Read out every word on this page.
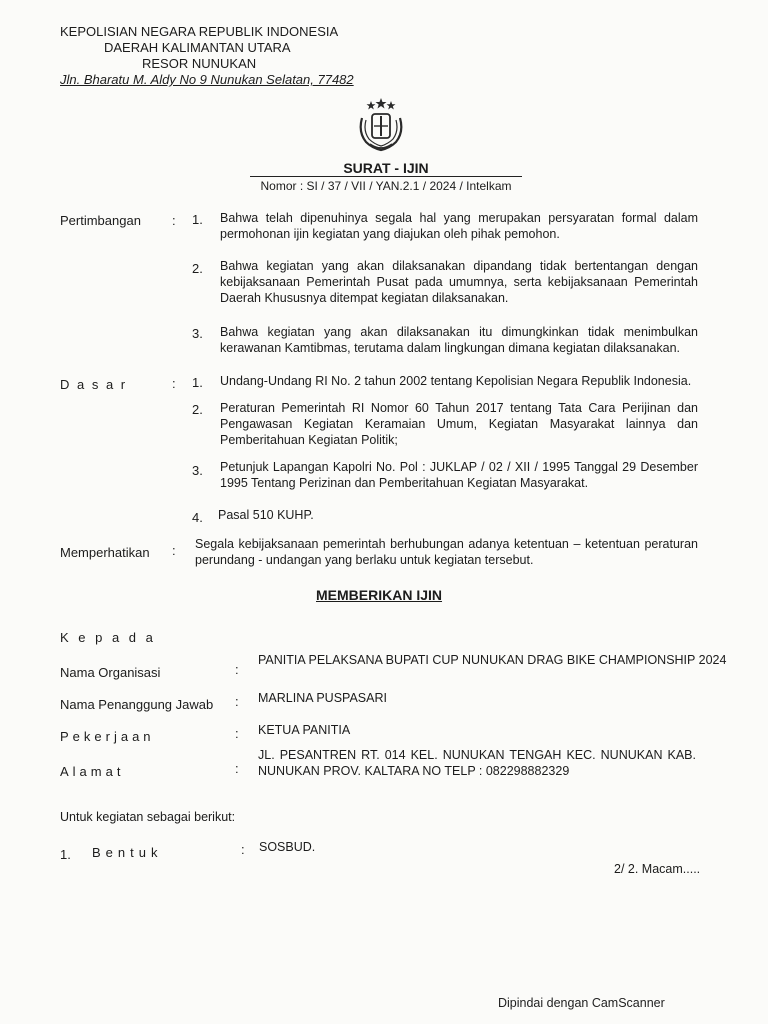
KEPOLISIAN NEGARA REPUBLIK INDONESIA
DAERAH KALIMANTAN UTARA
RESOR NUNUKAN
Jln. Bharatu M. Aldy No 9 Nunukan Selatan, 77482
SURAT - IJIN
Nomor : SI / 37 / VII / YAN.2.1 / 2024 / Intelkam
Pertimbangan : 1. Bahwa telah dipenuhinya segala hal yang merupakan persyaratan formal dalam permohonan ijin kegiatan yang diajukan oleh pihak pemohon.
2. Bahwa kegiatan yang akan dilaksanakan dipandang tidak bertentangan dengan kebijaksanaan Pemerintah Pusat pada umumnya, serta kebijaksanaan Pemerintah Daerah Khususnya ditempat kegiatan dilaksanakan.
3. Bahwa kegiatan yang akan dilaksanakan itu dimungkinkan tidak menimbulkan kerawanan Kamtibmas, terutama dalam lingkungan dimana kegiatan dilaksanakan.
D a s a r	: 1. Undang-Undang RI No. 2 tahun 2002 tentang Kepolisian Negara Republik Indonesia.
2. Peraturan Pemerintah RI Nomor 60 Tahun 2017 tentang Tata Cara Perijinan dan Pengawasan Kegiatan Keramaian Umum, Kegiatan Masyarakat lainnya dan Pemberitahuan Kegiatan Politik;
3. Petunjuk Lapangan Kapolri No. Pol : JUKLAP / 02 / XII / 1995 Tanggal 29 Desember 1995 Tentang Perizinan dan Pemberitahuan Kegiatan Masyarakat.
4. Pasal 510 KUHP.
Memperhatikan : Segala kebijaksanaan pemerintah berhubungan adanya ketentuan – ketentuan peraturan perundang - undangan yang berlaku untuk kegiatan tersebut.
MEMBERIKAN IJIN
K e p a d a
Nama Organisasi	:
PANITIA PELAKSANA BUPATI CUP NUNUKAN DRAG BIKE CHAMPIONSHIP 2024
Nama Penanggung Jawab : MARLINA PUSPASARI
Pekerjaan	: KETUA PANITIA
Alamat	:
JL. PESANTREN RT. 014 KEL. NUNUKAN TENGAH KEC. NUNUKAN KAB. NUNUKAN PROV. KALTARA NO TELP : 082298882329
Untuk kegiatan sebagai berikut:
1. Bentuk	: SOSBUD.
2/ 2. Macam.....
Dipindai dengan CamScanner
